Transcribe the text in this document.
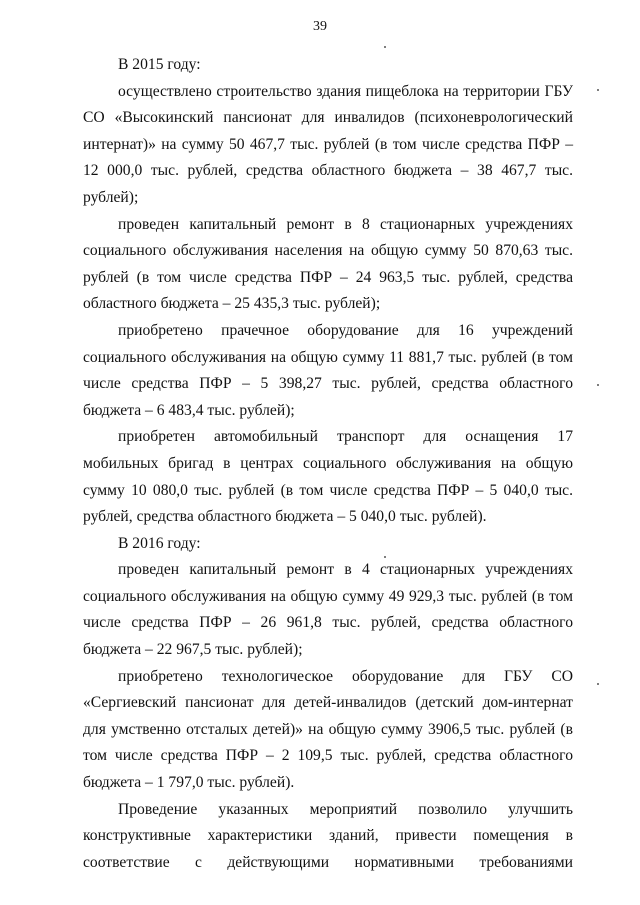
39

В 2015 году:

осуществлено строительство здания пищеблока на территории ГБУ СО «Высокинский пансионат для инвалидов (психоневрологический интернат)» на сумму 50 467,7 тыс. рублей (в том числе средства ПФР – 12 000,0 тыс. рублей, средства областного бюджета – 38 467,7 тыс. рублей);

проведен капитальный ремонт в 8 стационарных учреждениях социального обслуживания населения на общую сумму 50 870,63 тыс. рублей (в том числе средства ПФР – 24 963,5 тыс. рублей, средства областного бюджета – 25 435,3 тыс. рублей);

приобретено прачечное оборудование для 16 учреждений социального обслуживания на общую сумму 11 881,7 тыс. рублей (в том числе средства ПФР – 5 398,27 тыс. рублей, средства областного бюджета – 6 483,4 тыс. рублей);

приобретен автомобильный транспорт для оснащения 17 мобильных бригад в центрах социального обслуживания на общую сумму 10 080,0 тыс. рублей (в том числе средства ПФР – 5 040,0 тыс. рублей, средства областного бюджета – 5 040,0 тыс. рублей).

В 2016 году:

проведен капитальный ремонт в 4 стационарных учреждениях социального обслуживания на общую сумму 49 929,3 тыс. рублей (в том числе средства ПФР – 26 961,8 тыс. рублей, средства областного бюджета – 22 967,5 тыс. рублей);

приобретено технологическое оборудование для ГБУ СО «Сергиевский пансионат для детей-инвалидов (детский дом-интернат для умственно отсталых детей)» на общую сумму 3906,5 тыс. рублей (в том числе средства ПФР – 2 109,5 тыс. рублей, средства областного бюджета – 1 797,0 тыс. рублей).

Проведение указанных мероприятий позволило улучшить конструктивные характеристики зданий, привести помещения в соответствие с действующими нормативными требованиями
